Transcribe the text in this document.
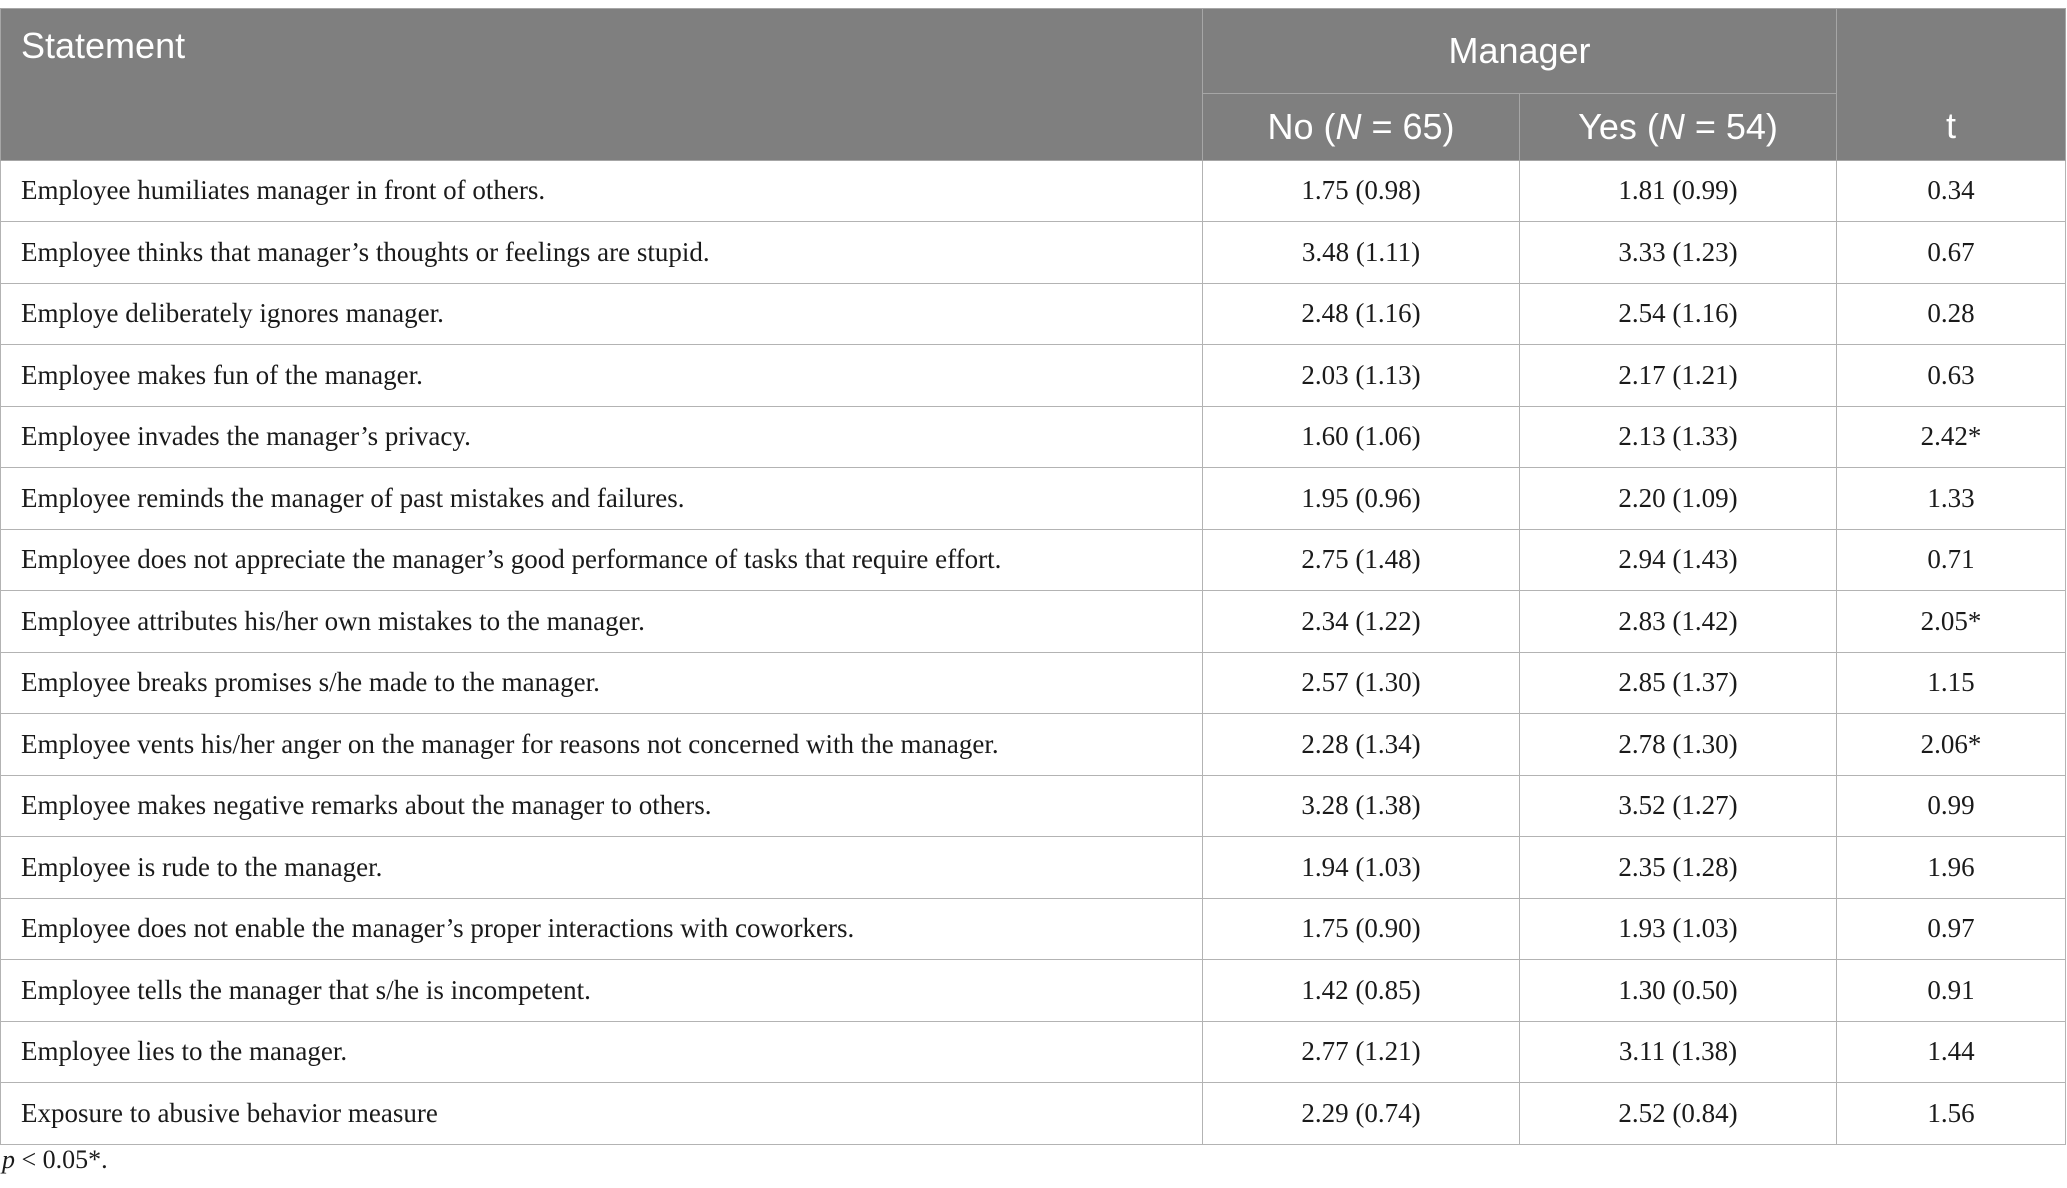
Statement	Manager		
	No (N = 65)	Yes (N = 54)	t
Employee humiliates manager in front of others.	1.75 (0.98)	1.81 (0.99)	0.34
Employee thinks that manager’s thoughts or feelings are stupid.	3.48 (1.11)	3.33 (1.23)	0.67
Employe deliberately ignores manager.	2.48 (1.16)	2.54 (1.16)	0.28
Employee makes fun of the manager.	2.03 (1.13)	2.17 (1.21)	0.63
Employee invades the manager’s privacy.	1.60 (1.06)	2.13 (1.33)	2.42*
Employee reminds the manager of past mistakes and failures.	1.95 (0.96)	2.20 (1.09)	1.33
Employee does not appreciate the manager’s good performance of tasks that require effort.	2.75 (1.48)	2.94 (1.43)	0.71
Employee attributes his/her own mistakes to the manager.	2.34 (1.22)	2.83 (1.42)	2.05*
Employee breaks promises s/he made to the manager.	2.57 (1.30)	2.85 (1.37)	1.15
Employee vents his/her anger on the manager for reasons not concerned with the manager.	2.28 (1.34)	2.78 (1.30)	2.06*
Employee makes negative remarks about the manager to others.	3.28 (1.38)	3.52 (1.27)	0.99
Employee is rude to the manager.	1.94 (1.03)	2.35 (1.28)	1.96
Employee does not enable the manager’s proper interactions with coworkers.	1.75 (0.90)	1.93 (1.03)	0.97
Employee tells the manager that s/he is incompetent.	1.42 (0.85)	1.30 (0.50)	0.91
Employee lies to the manager.	2.77 (1.21)	3.11 (1.38)	1.44
Exposure to abusive behavior measure	2.29 (0.74)	2.52 (0.84)	1.56
p < 0.05*.
